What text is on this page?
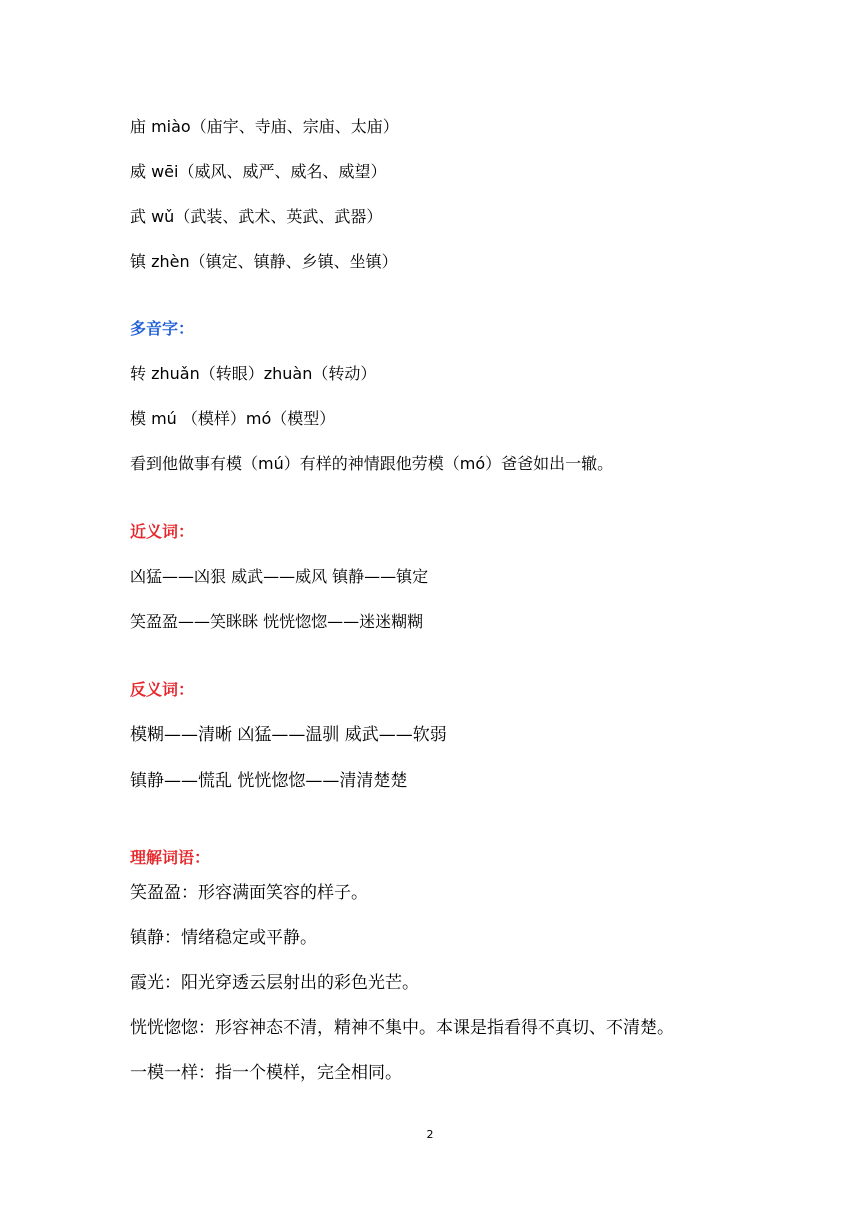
庙 miào（庙宇、寺庙、宗庙、太庙）
威 wēi（威风、威严、威名、威望）
武 wǔ（武装、武术、英武、武器）
镇 zhèn（镇定、镇静、乡镇、坐镇）
多音字：
转 zhuǎn（转眼）zhuàn（转动）
模 mú （模样）mó（模型）
看到他做事有模（mú）有样的神情跟他劳模（mó）爸爸如出一辙。
近义词：
凶猛——凶狠 威武——威风 镇静——镇定
笑盈盈——笑眯眯 恍恍惚惚——迷迷糊糊
反义词：
模糊——清晰 凶猛——温驯 威武——软弱
镇静——慌乱 恍恍惚惚——清清楚楚
理解词语：
笑盈盈：形容满面笑容的样子。
镇静：情绪稳定或平静。
霞光：阳光穿透云层射出的彩色光芒。
恍恍惚惚：形容神态不清，精神不集中。本课是指看得不真切、不清楚。
一模一样：指一个模样，完全相同。
2
